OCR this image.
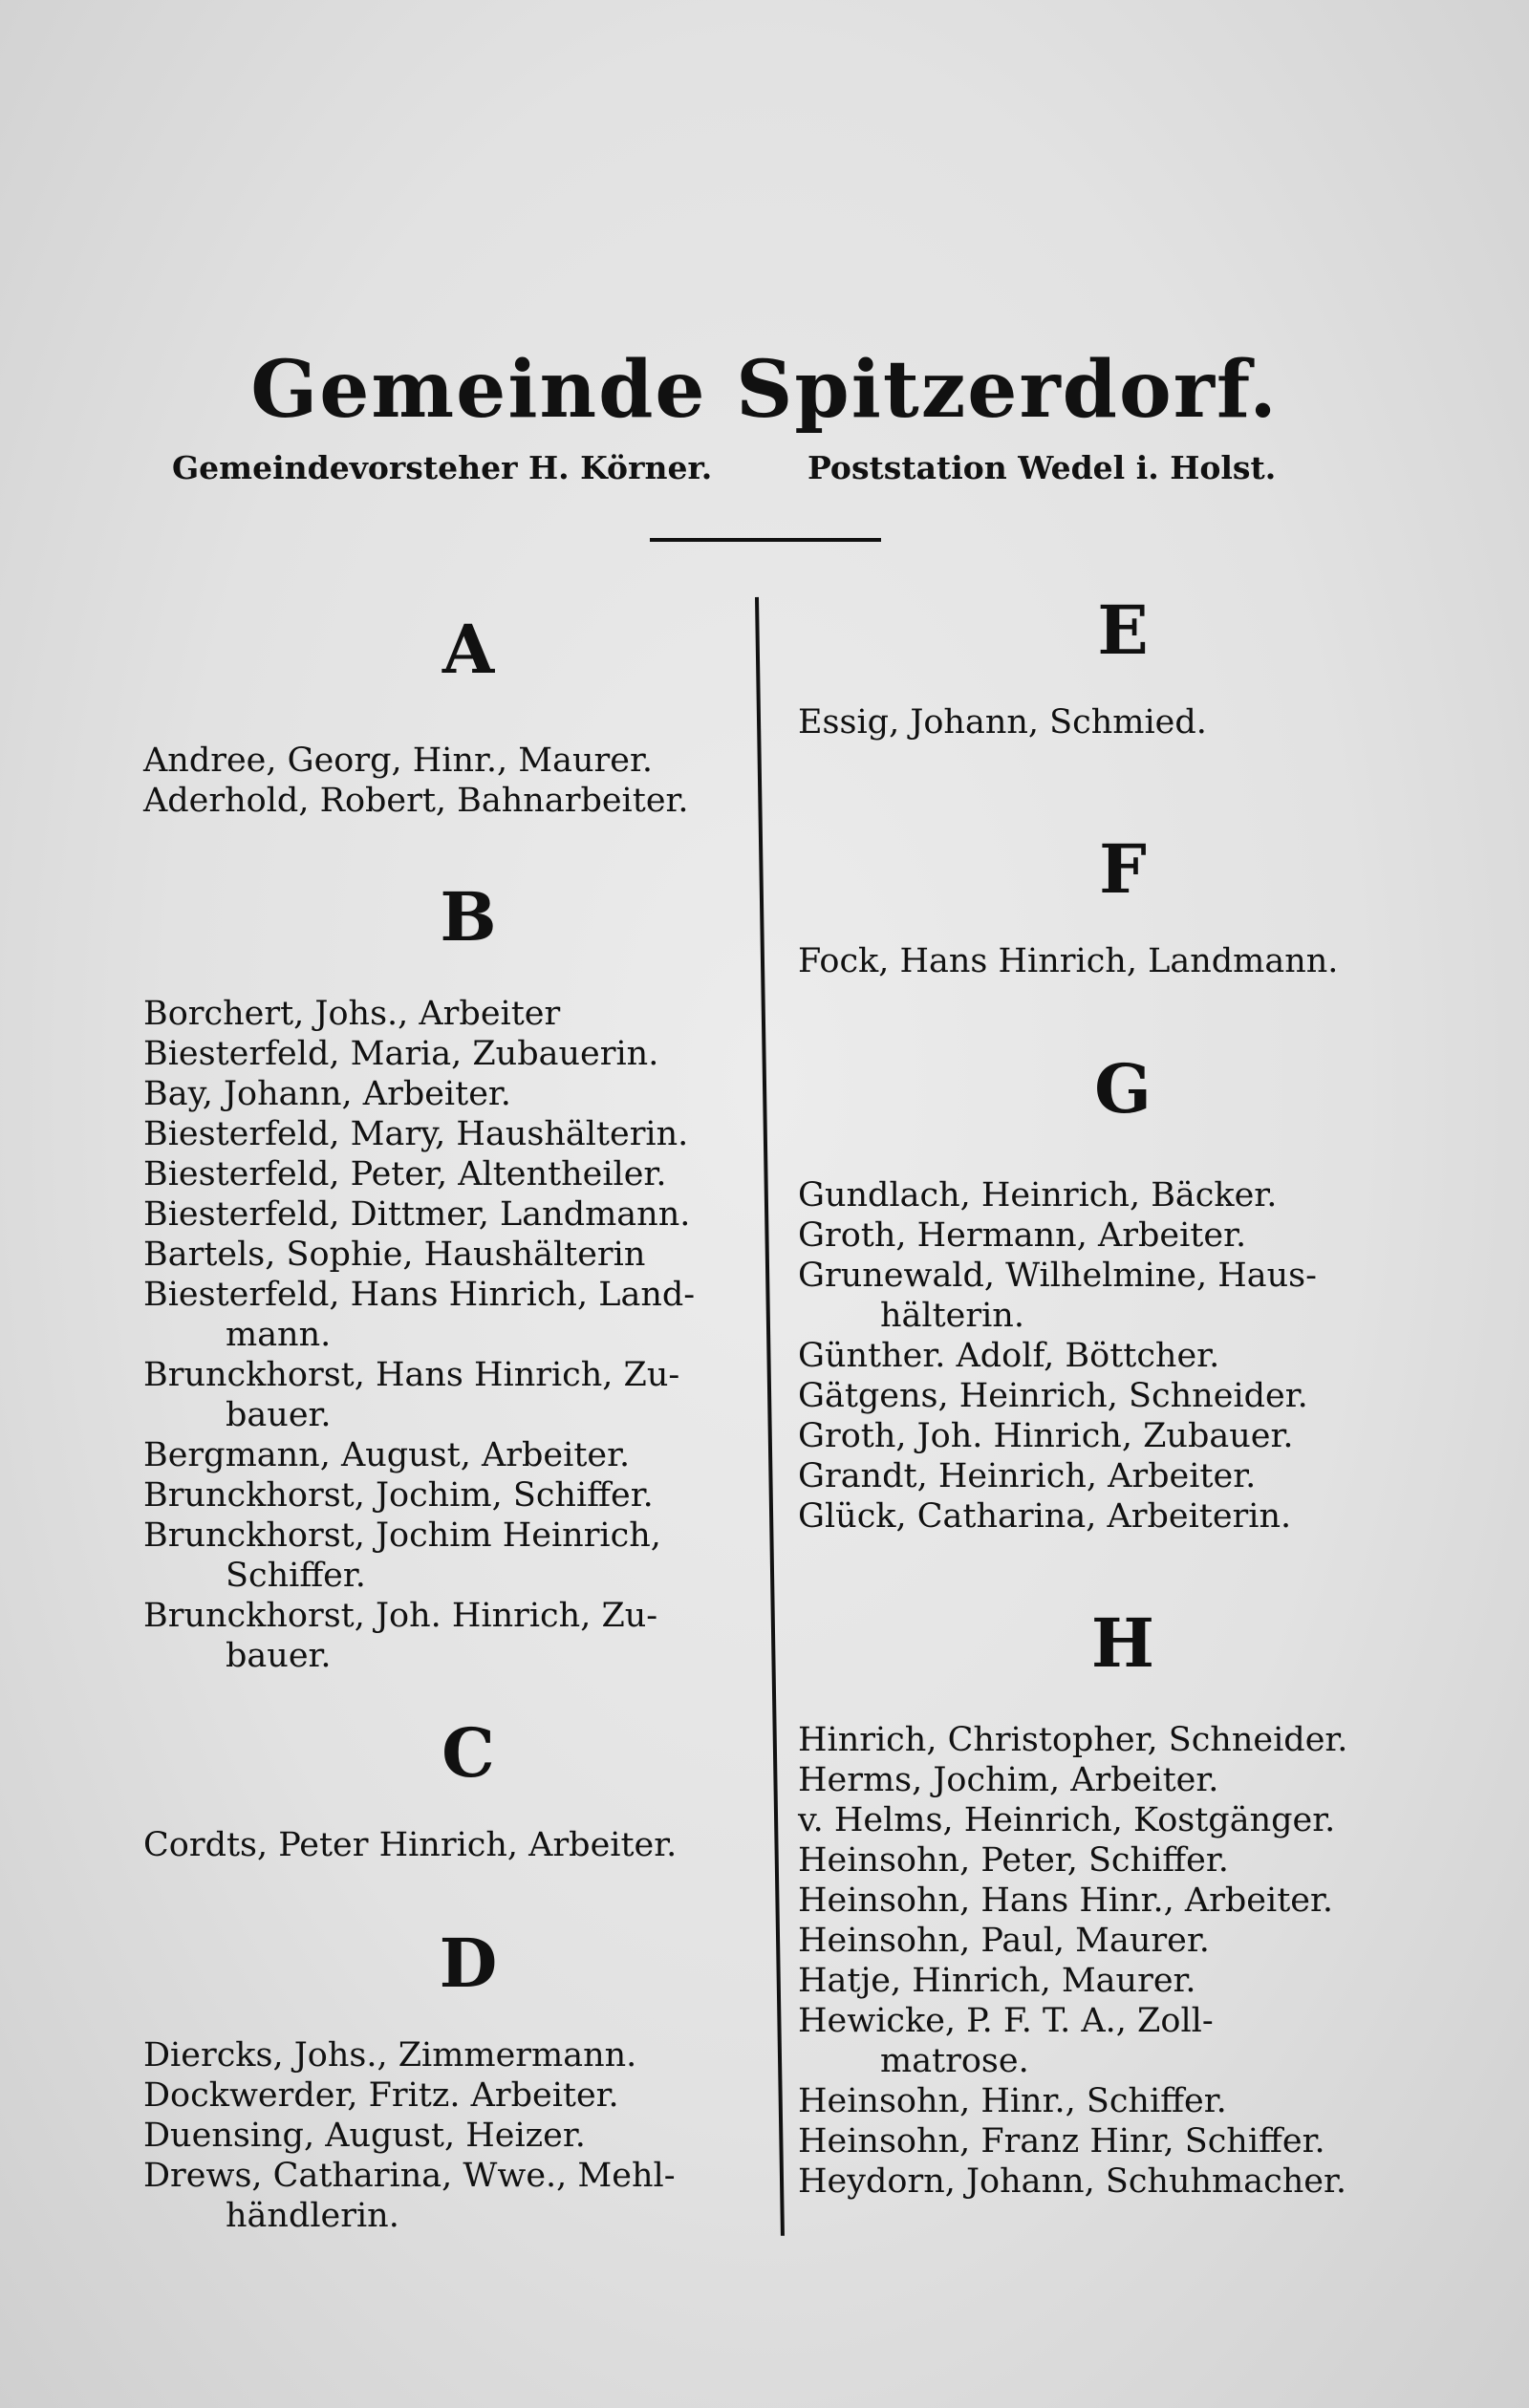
Gemeinde Spitzerdorf.
Gemeindevorsteher H. Körner.	Poststation Wedel i. Holst.
A

Andree, Georg, Hinr., Maurer.

Aderhold, Robert, Bahnarbeiter.

B

Borchert, Johs., Arbeiter

Biesterfeld, Maria, Zubauerin.

Bay, Johann, Arbeiter.

Biesterfeld, Mary, Haushälterin.

Biesterfeld, Peter, Altentheiler.

Biesterfeld, Dittmer, Landmann.

Bartels, Sophie, Haushälterin

Biesterfeld, Hans Hinrich, Land-
mann.

Brunckhorst, Hans Hinrich, Zu-
bauer.

Bergmann, August, Arbeiter.

Brunckhorst, Jochim, Schiffer.

Brunckhorst, Jochim Heinrich,
Schiffer.

Brunckhorst, Joh. Hinrich, Zu-
bauer.

C

Cordts, Peter Hinrich, Arbeiter.

D

Diercks, Johs., Zimmermann.

Dockwerder, Fritz. Arbeiter.

Duensing, August, Heizer.

Drews, Catharina, Wwe., Mehl-
händlerin.

E

Essig, Johann, Schmied.

F

Fock, Hans Hinrich, Landmann.

G

Gundlach, Heinrich, Bäcker.

Groth, Hermann, Arbeiter.

Grunewald, Wilhelmine, Haus-
hälterin.

Günther. Adolf, Böttcher.

Gätgens, Heinrich, Schneider.

Groth, Joh. Hinrich, Zubauer.

Grandt, Heinrich, Arbeiter.

Glück, Catharina, Arbeiterin.

H

Hinrich, Christopher, Schneider.

Herms, Jochim, Arbeiter.

v. Helms, Heinrich, Kostgänger.

Heinsohn, Peter, Schiffer.

Heinsohn, Hans Hinr., Arbeiter.

Heinsohn, Paul, Maurer.

Hatje, Hinrich, Maurer.

Hewicke, P. F. T. A., Zoll-
matrose.

Heinsohn, Hinr., Schiffer.

Heinsohn, Franz Hinr, Schiffer.

Heydorn, Johann, Schuhmacher.
